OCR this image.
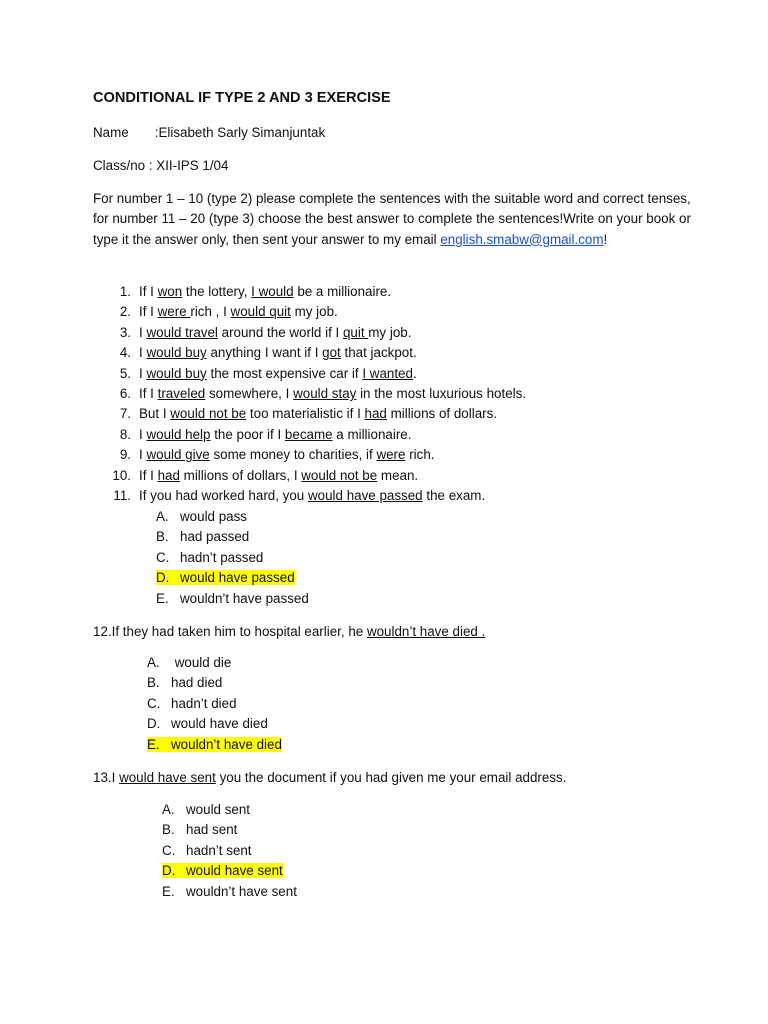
CONDITIONAL IF TYPE 2 AND 3 EXERCISE
Name :Elisabeth Sarly Simanjuntak
Class/no : XII-IPS 1/04
For number 1 – 10 (type 2) please complete the sentences with the suitable word and correct tenses, for number 11 – 20 (type 3) choose the best answer to complete the sentences!Write on your book or type it the answer only, then sent your answer to my email english.smabw@gmail.com!
1. If I won the lottery, I would be a millionaire.
2. If I were rich , I would quit my job.
3. I would travel around the world if I quit my job.
4. I would buy anything I want if I got that jackpot.
5. I would buy the most expensive car if I wanted.
6. If I traveled somewhere, I would stay in the most luxurious hotels.
7. But I would not be too materialistic if I had millions of dollars.
8. I would help the poor if I became a millionaire.
9. I would give some money to charities, if were rich.
10. If I had millions of dollars, I would not be mean.
11. If you had worked hard, you would have passed the exam.
A. would pass
B. had passed
C. hadn’t passed
D. would have passed
E. wouldn’t have passed
12.If they had taken him to hospital earlier, he wouldn’t have died .
A. would die
B. had died
C. hadn’t died
D. would have died
E. wouldn’t have died
13.I would have sent you the document if you had given me your email address.
A. would sent
B. had sent
C. hadn’t sent
D. would have sent
E. wouldn’t have sent
